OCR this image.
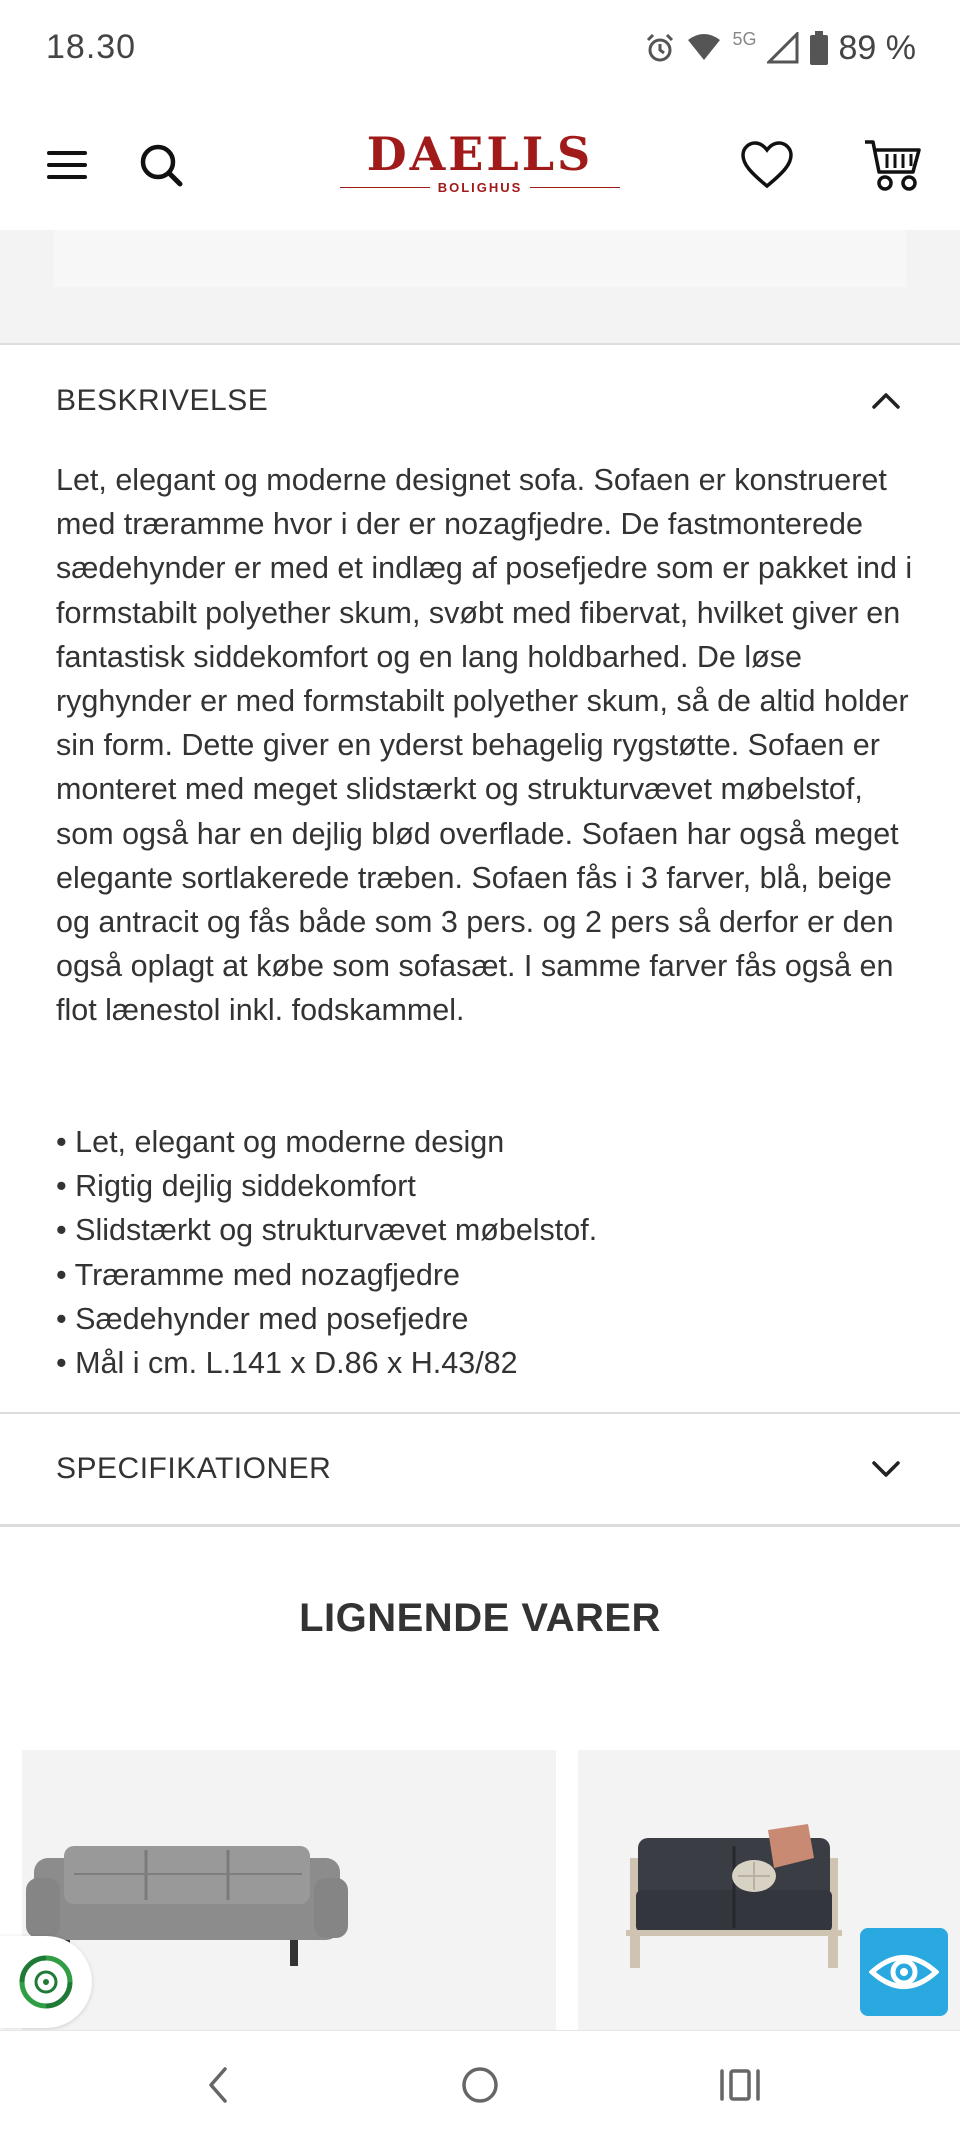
18.30	5G 89 %
DAELLS
BOLIGHUS
BESKRIVELSE

Let, elegant og moderne designet sofa. Sofaen er konstrueret med træramme hvor i der er nozagfjedre. De fastmonterede sædehynder er med et indlæg af posefjedre som er pakket ind i formstabilt polyether skum, svøbt med fibervat, hvilket giver en fantastisk siddekomfort og en lang holdbarhed. De løse ryghynder er med formstabilt polyether skum, så de altid holder sin form. Dette giver en yderst behagelig rygstøtte. Sofaen er monteret med meget slidstærkt og strukturvævet møbelstof, som også har en dejlig blød overflade. Sofaen har også meget elegante sortlakerede træben. Sofaen fås i 3 farver, blå, beige og antracit og fås både som 3 pers. og 2 pers så derfor er den også oplagt at købe som sofasæt. I samme farver fås også en flot lænestol inkl. fodskammel.

• Let, elegant og moderne design
• Rigtig dejlig siddekomfort
• Slidstærkt og strukturvævet møbelstof.
• Træramme med nozagfjedre
• Sædehynder med posefjedre
• Mål i cm. L.141 x D.86 x H.43/82
SPECIFIKATIONER
LIGNENDE VARER
